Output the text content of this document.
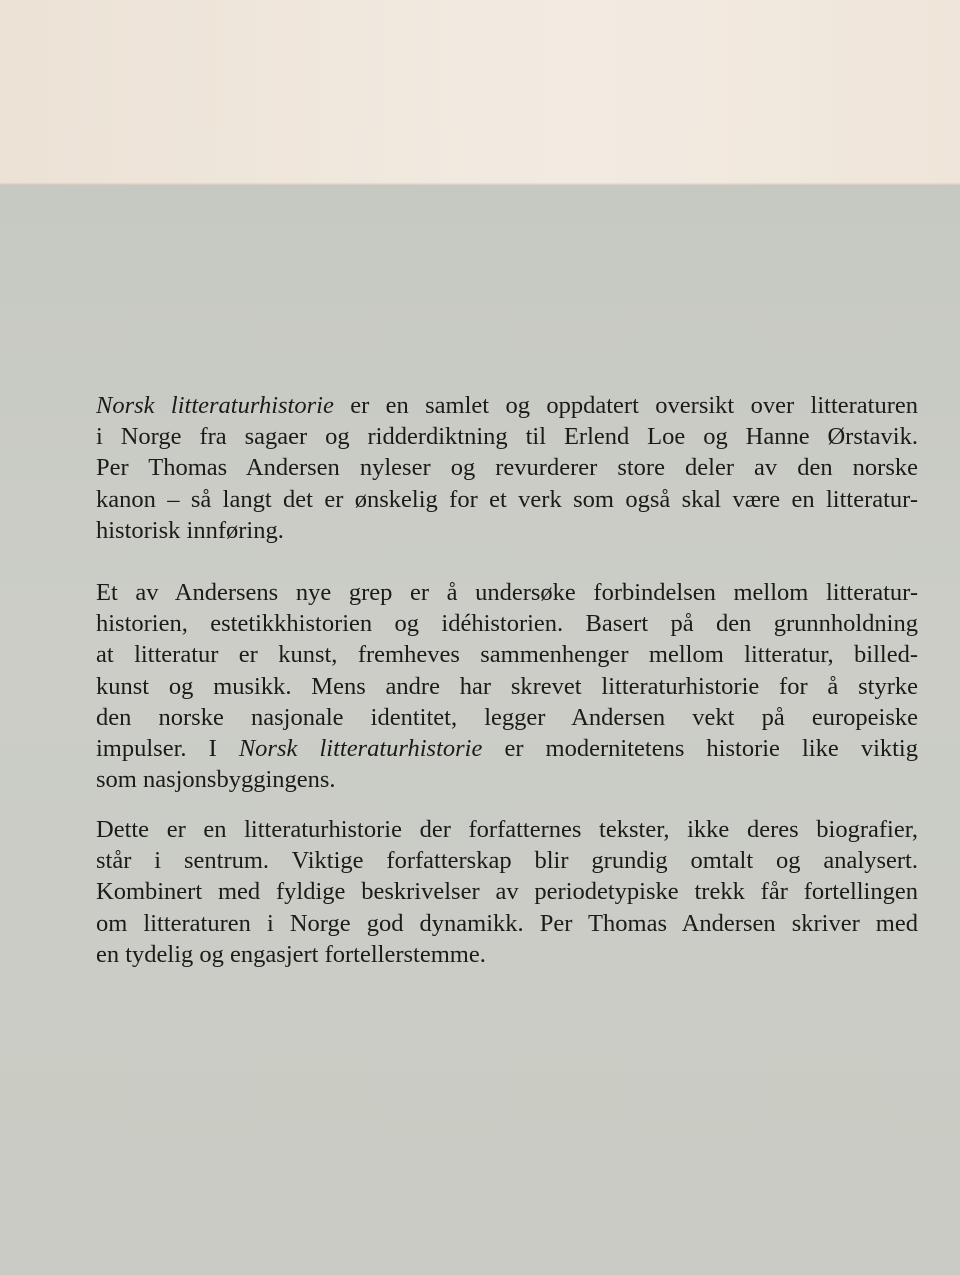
Norsk litteraturhistorie er en samlet og oppdatert oversikt over litteraturen
i Norge fra sagaer og ridderdiktning til Erlend Loe og Hanne Ørstavik.
Per Thomas Andersen nyleser og revurderer store deler av den norske
kanon – så langt det er ønskelig for et verk som også skal være en litteratur-
historisk innføring.
Et av Andersens nye grep er å undersøke forbindelsen mellom litteratur-
historien, estetikkhistorien og idéhistorien. Basert på den grunnholdning
at litteratur er kunst, fremheves sammenhenger mellom litteratur, billed-
kunst og musikk. Mens andre har skrevet litteraturhistorie for å styrke
den norske nasjonale identitet, legger Andersen vekt på europeiske
impulser. I Norsk litteraturhistorie er modernitetens historie like viktig
som nasjonsbyggingens.
Dette er en litteraturhistorie der forfatternes tekster, ikke deres biografier,
står i sentrum. Viktige forfatterskap blir grundig omtalt og analysert.
Kombinert med fyldige beskrivelser av periodetypiske trekk får fortellingen
om litteraturen i Norge god dynamikk. Per Thomas Andersen skriver med
en tydelig og engasjert fortellerstemme.
